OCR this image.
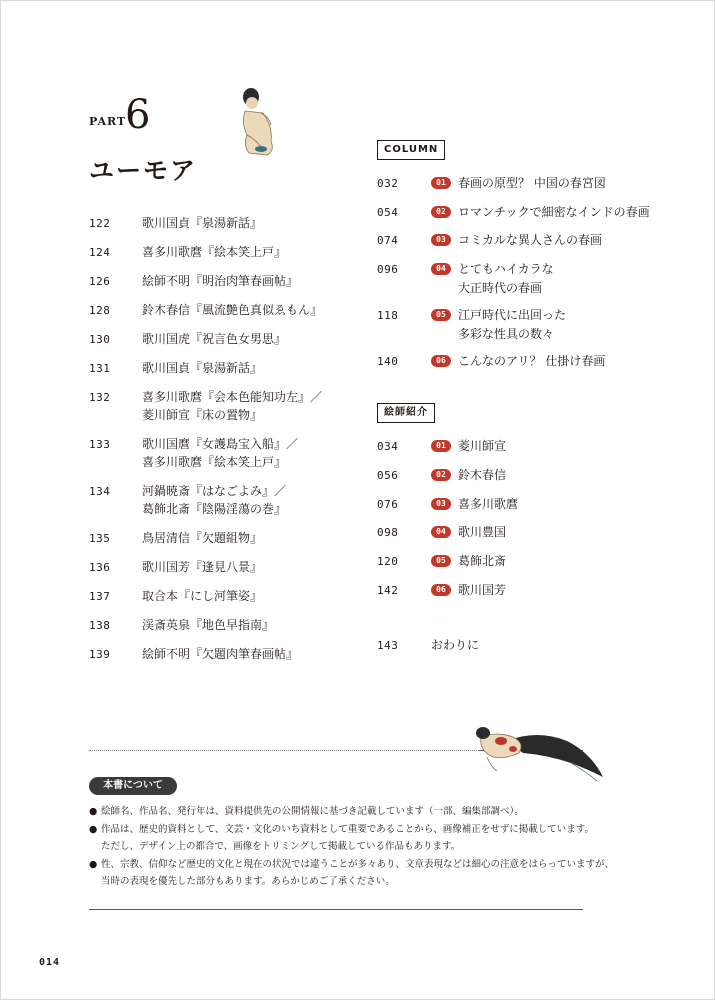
PART
6
ユーモア
122	歌川国貞『泉湯新話』
124	喜多川歌麿『絵本笑上戸』
126	絵師不明『明治肉筆春画帖』
128	鈴木春信『風流艶色真似ゑもん』
130	歌川国虎『祝言色女男思』
131	歌川国貞『泉湯新話』
132	喜多川歌麿『会本色能知功左』／
菱川師宣『床の置物』
133	歌川国麿『女護島宝入船』／
喜多川歌麿『絵本笑上戸』
134	河鍋暁斎『はなごよみ』／
葛飾北斎『陰陽淫蕩の巻』
135	鳥居清信『欠題組物』
136	歌川国芳『逢見八景』
137	取合本『にし河筆姿』
138	渓斎英泉『地色早指南』
139	絵師不明『欠題肉筆春画帖』
COLUMN
032	01	春画の原型？ 中国の春宮図
054	02	ロマンチックで細密なインドの春画
074	03	コミカルな異人さんの春画
096	04	とてもハイカラな
大正時代の春画
118	05	江戸時代に出回った
多彩な性具の数々
140	06	こんなのアリ？ 仕掛け春画
絵師紹介
034	01	菱川師宣
056	02	鈴木春信
076	03	喜多川歌麿
098	04	歌川豊国
120	05	葛飾北斎
142	06	歌川国芳
143	おわりに
本書について
● 絵師名、作品名、発行年は、資料提供先の公開情報に基づき記載しています（一部、編集部調べ）。
● 作品は、歴史的資料として、文芸・文化のいち資料として重要であることから、画像補正をせずに掲載しています。
ただし、デザイン上の都合で、画像をトリミングして掲載している作品もあります。
● 性、宗教、信仰など歴史的文化と現在の状況では違うことが多々あり、文章表現などは細心の注意をはらっていますが、
当時の表現を優先した部分もあります。あらかじめご了承ください。
014
